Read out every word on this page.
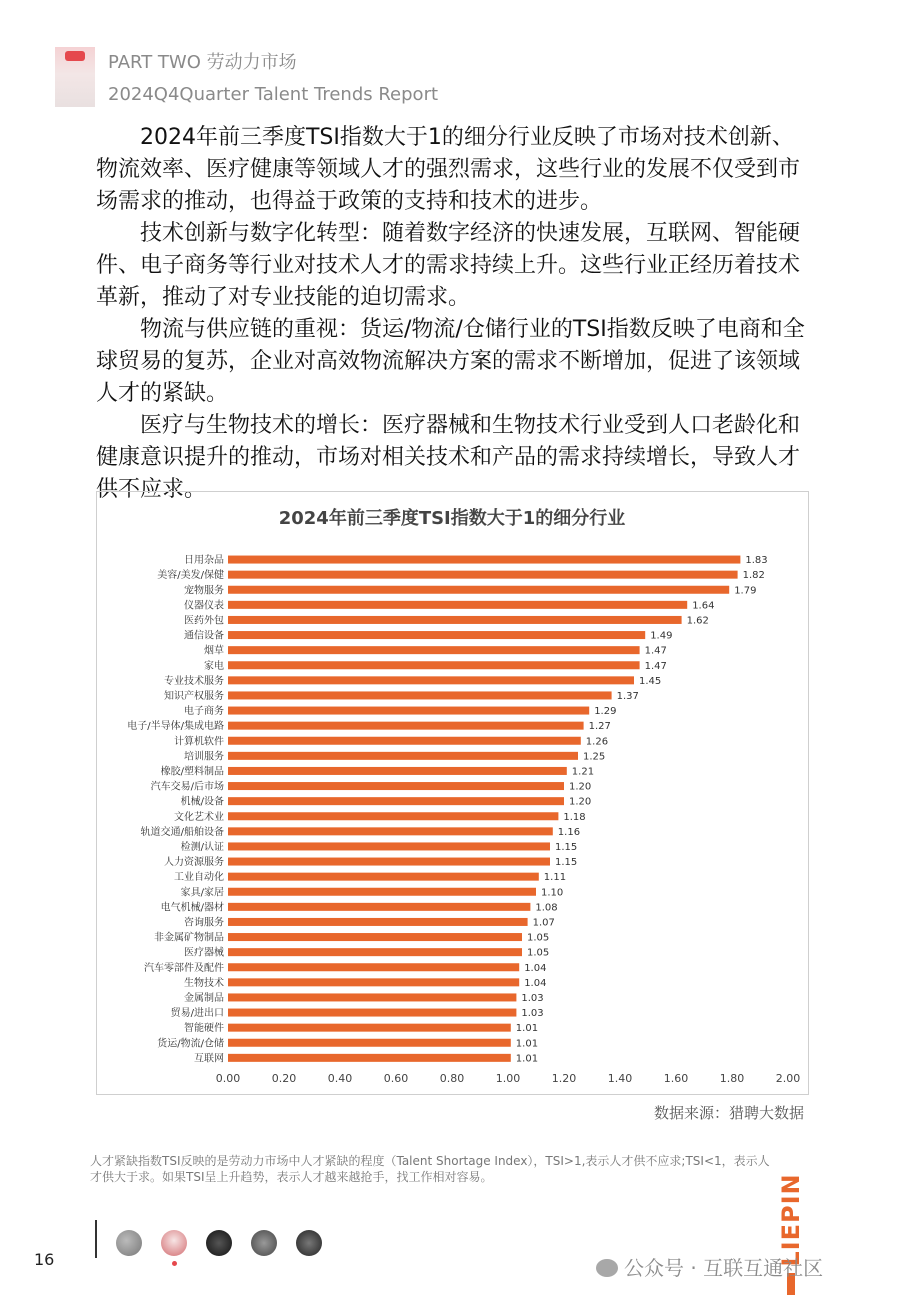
PART TWO 劳动力市场
2024Q4Quarter Talent Trends Report

2024年前三季度TSI指数大于1的细分行业反映了市场对技术创新、物流效率、医疗健康等领域人才的强烈需求，这些行业的发展不仅受到市场需求的推动，也得益于政策的支持和技术的进步。

技术创新与数字化转型：随着数字经济的快速发展，互联网、智能硬件、电子商务等行业对技术人才的需求持续上升。这些行业正经历着技术革新，推动了对专业技能的迫切需求。

物流与供应链的重视：货运/物流/仓储行业的TSI指数反映了电商和全球贸易的复苏，企业对高效物流解决方案的需求不断增加，促进了该领域人才的紧缺。

医疗与生物技术的增长：医疗器械和生物技术行业受到人口老龄化和健康意识提升的推动，市场对相关技术和产品的需求持续增长，导致人才供不应求。

2024年前三季度TSI指数大于1的细分行业
日用杂品	1.83
美容/美发/保健	1.82
宠物服务	1.79
仪器仪表	1.64
医药外包	1.62
通信设备	1.49
烟草	1.47
家电	1.47
专业技术服务	1.45
知识产权服务	1.37
电子商务	1.29
电子/半导体/集成电路	1.27
计算机软件	1.26
培训服务	1.25
橡胶/塑料制品	1.21
汽车交易/后市场	1.20
机械/设备	1.20
文化艺术业	1.18
轨道交通/船舶设备	1.16
检测/认证	1.15
人力资源服务	1.15
工业自动化	1.11
家具/家居	1.10
电气机械/器材	1.08
咨询服务	1.07
非金属矿物制品	1.05
医疗器械	1.05
汽车零部件及配件	1.04
生物技术	1.04
金属制品	1.03
贸易/进出口	1.03
智能硬件	1.01
货运/物流/仓储	1.01
互联网	1.01
0.00	0.20	0.40	0.60	0.80	1.00	1.20	1.40	1.60	1.80	2.00
数据来源：猎聘大数据
人才紧缺指数TSI反映的是劳动力市场中人才紧缺的程度（Talent Shortage Index），TSI>1,表示人才供不应求;TSI<1，表示人才供大于求。如果TSI呈上升趋势，表示人才越来越抢手，找工作相对容易。	LIEPIN
16	公众号 · 互联互通社区
